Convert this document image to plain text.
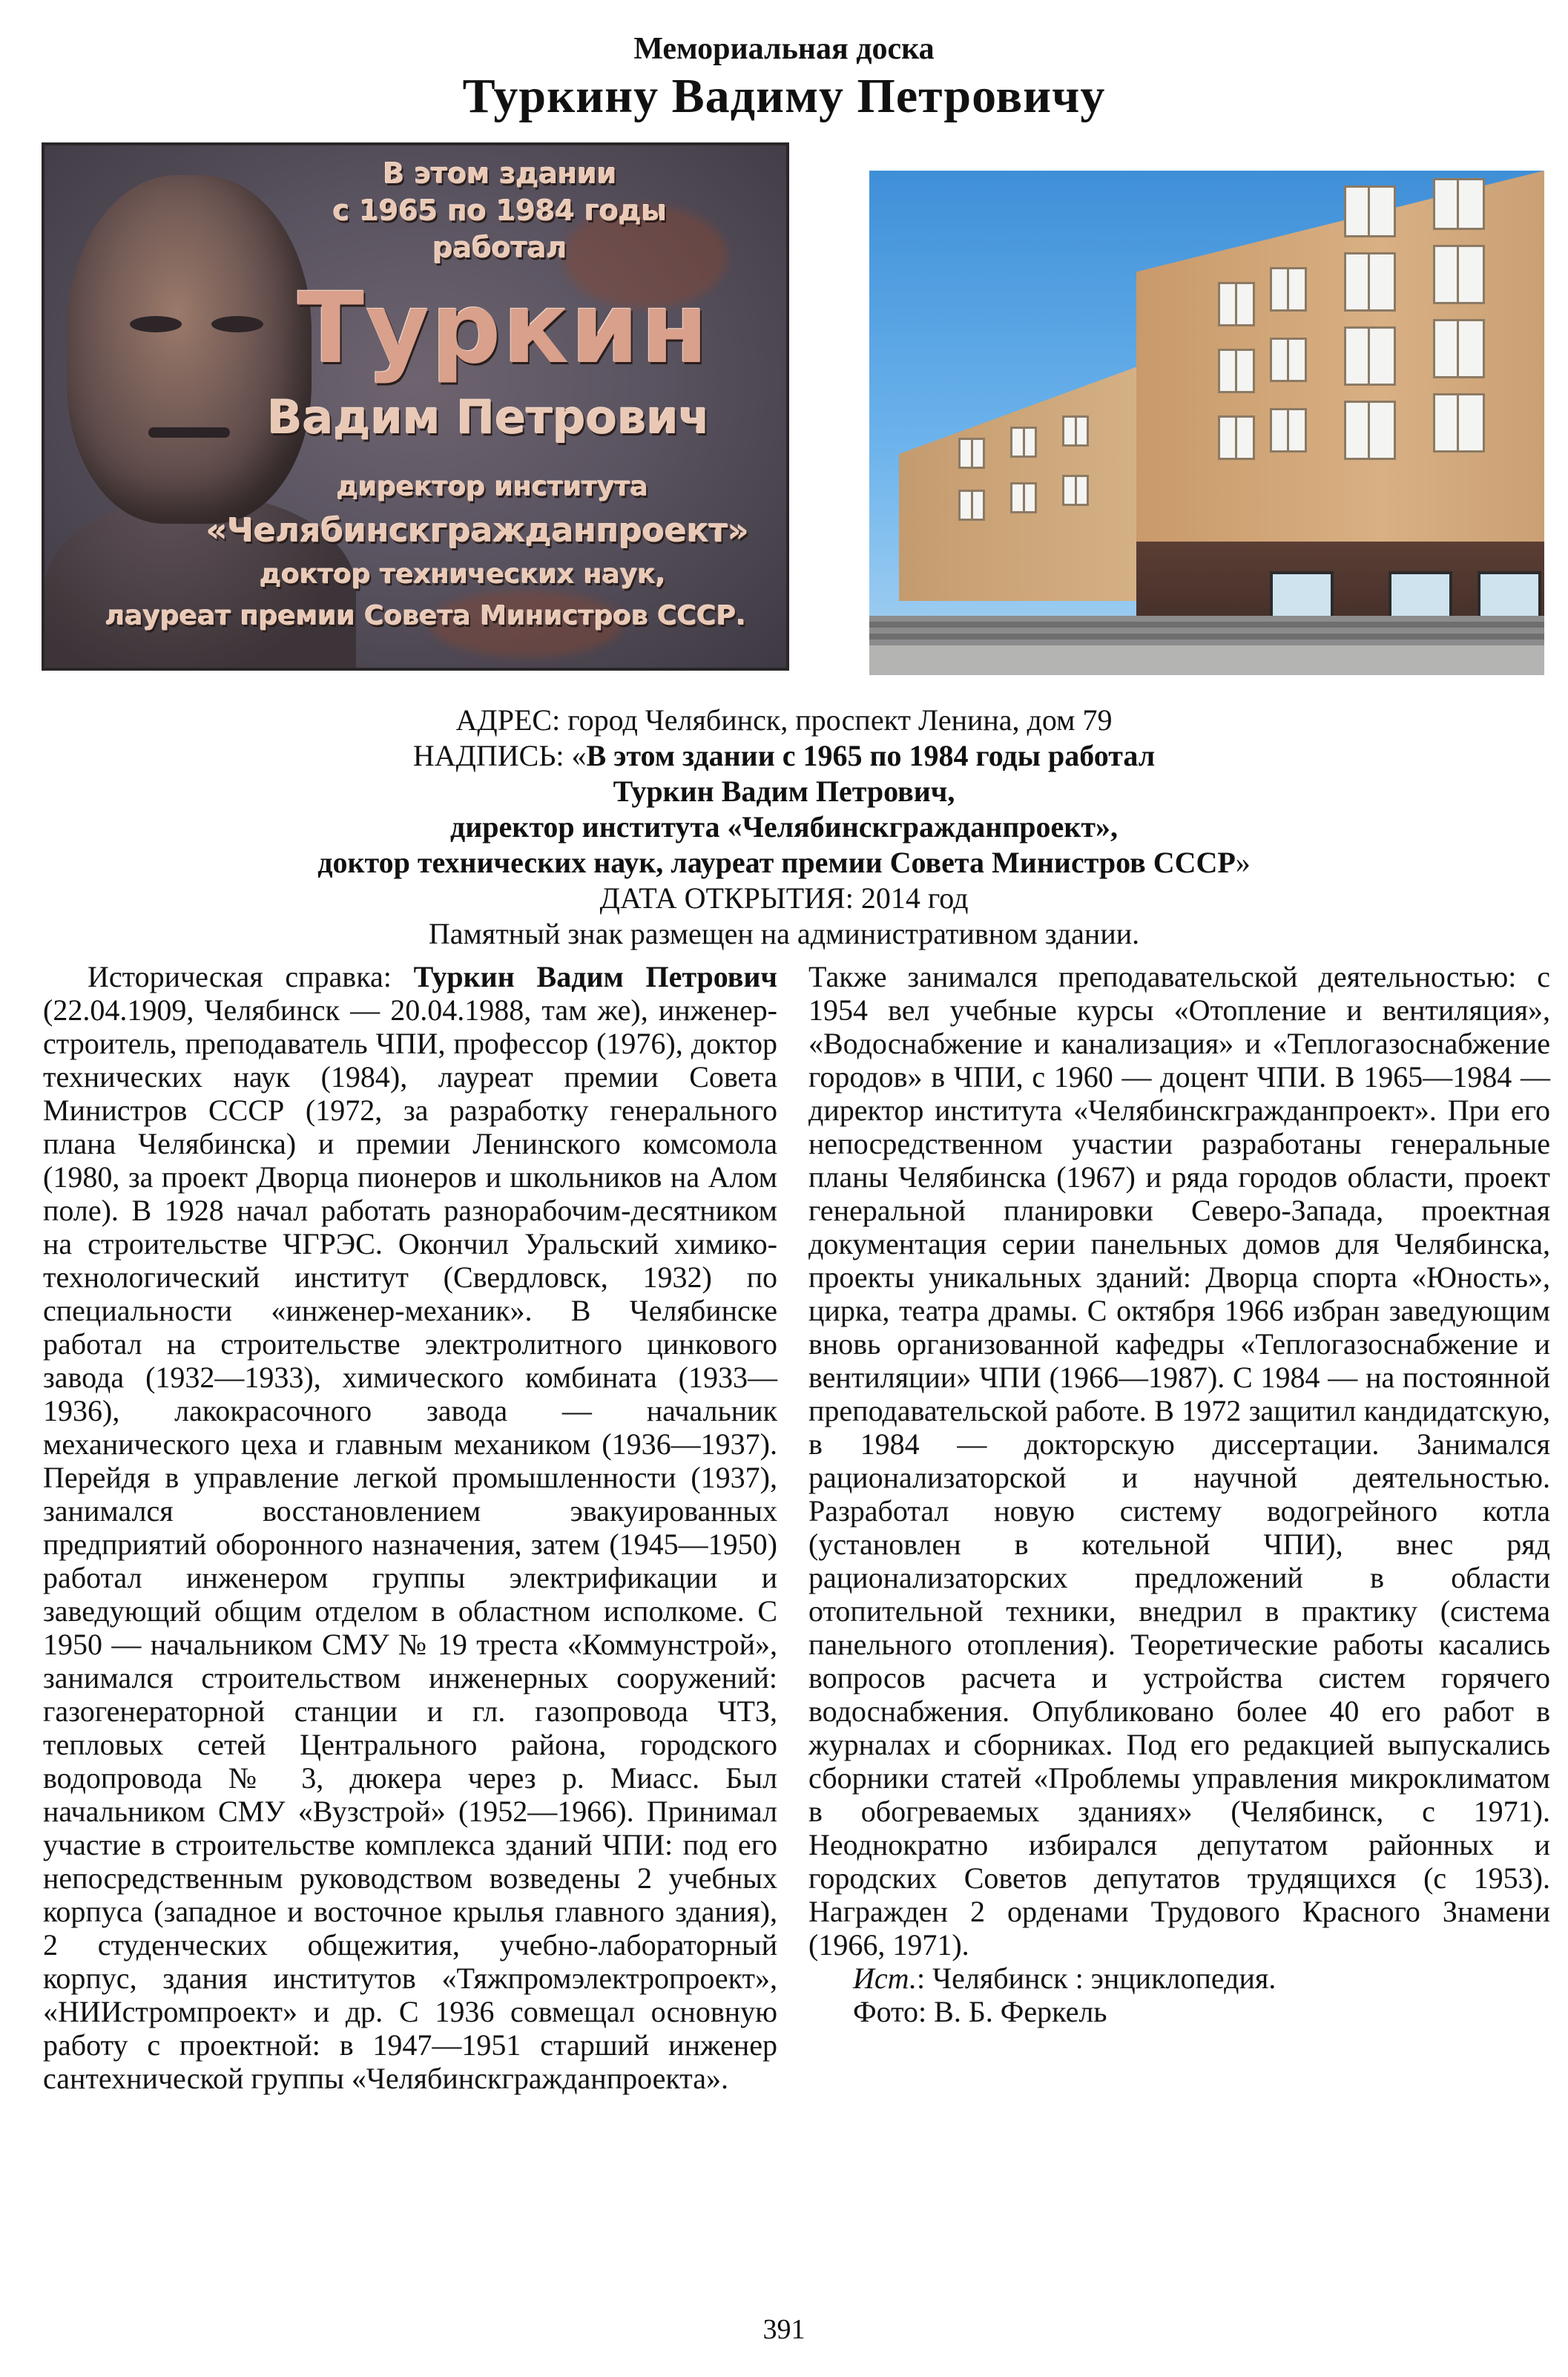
Мемориальная доска
Туркину Вадиму Петровичу
В этом здании
с 1965 по 1984 годы
работал
Туркин
Вадим Петрович
директор института
«Челябинскгражданпроект»
доктор технических наук,
лауреат премии Совета Министров СССР.
АДРЕС: город Челябинск, проспект Ленина, дом 79
НАДПИСЬ: «В этом здании с 1965 по 1984 годы работал
Туркин Вадим Петрович,
директор института «Челябинскгражданпроект»,
доктор технических наук, лауреат премии Совета Министров СССР»
ДАТА ОТКРЫТИЯ: 2014 год
Памятный знак размещен на административном здании.

Историческая справка: Туркин Вадим Петрович (22.04.1909, Челябинск — 20.04.1988, там же), инженер-строитель, преподаватель ЧПИ, профессор (1976), доктор технических наук (1984), лауреат премии Совета Министров СССР (1972, за разработку генерального плана Челябинска) и премии Ленинского комсомола (1980, за проект Дворца пионеров и школьников на Алом поле). В 1928 начал работать разнорабочим-десятником на строительстве ЧГРЭС. Окончил Уральский химико-технологический институт (Свердловск, 1932) по специальности «инженер-механик». В Челябинске работал на строительстве электролитного цинкового завода (1932—1933), химического комбината (1933—1936), лакокрасочного завода — начальник механического цеха и главным механиком (1936—1937). Перейдя в управление легкой промышленности (1937), занимался восстановлением эвакуированных предприятий оборонного назначения, затем (1945—1950) работал инженером группы электрификации и заведующий общим отделом в областном исполкоме. С 1950 — начальником СМУ № 19 треста «Коммунстрой», занимался строительством инженерных сооружений: газогенераторной станции и гл. газопровода ЧТЗ, тепловых сетей Центрального района, городского водопровода № 3, дюкера через р. Миасс. Был начальником СМУ «Вузстрой» (1952—1966). Принимал участие в строительстве комплекса зданий ЧПИ: под его непосредственным руководством возведены 2 учебных корпуса (западное и восточное крылья главного здания), 2 студенческих общежития, учебно-лабораторный корпус, здания институтов «Тяжпромэлектропроект», «НИИстромпроект» и др. С 1936 совмещал основную работу с проектной: в 1947—1951 старший инженер сантехнической группы «Челябинскгражданпроекта».

Также занимался преподавательской деятельностью: с 1954 вел учебные курсы «Отопление и вентиляция», «Водоснабжение и канализация» и «Теплогазоснабжение городов» в ЧПИ, с 1960 — доцент ЧПИ. В 1965—1984 — директор института «Челябинскгражданпроект». При его непосредственном участии разработаны генеральные планы Челябинска (1967) и ряда городов области, проект генеральной планировки Северо-Запада, проектная документация серии панельных домов для Челябинска, проекты уникальных зданий: Дворца спорта «Юность», цирка, театра драмы. С октября 1966 избран заведующим вновь организованной кафедры «Теплогазоснабжение и вентиляции» ЧПИ (1966—1987). С 1984 — на постоянной преподавательской работе. В 1972 защитил кандидатскую, в 1984 — докторскую диссертации. Занимался рационализаторской и научной деятельностью. Разработал новую систему водогрейного котла (установлен в котельной ЧПИ), внес ряд рационализаторских предложений в области отопительной техники, внедрил в практику (система панельного отопления). Теоретические работы касались вопросов расчета и устройства систем горячего водоснабжения. Опубликовано более 40 его работ в журналах и сборниках. Под его редакцией выпускались сборники статей «Проблемы управления микроклиматом в обогреваемых зданиях» (Челябинск, с 1971). Неоднократно избирался депутатом районных и городских Советов депутатов трудящихся (с 1953). Награжден 2 орденами Трудового Красного Знамени (1966, 1971).

Ист.: Челябинск : энциклопедия.

Фото: В. Б. Феркель

391
